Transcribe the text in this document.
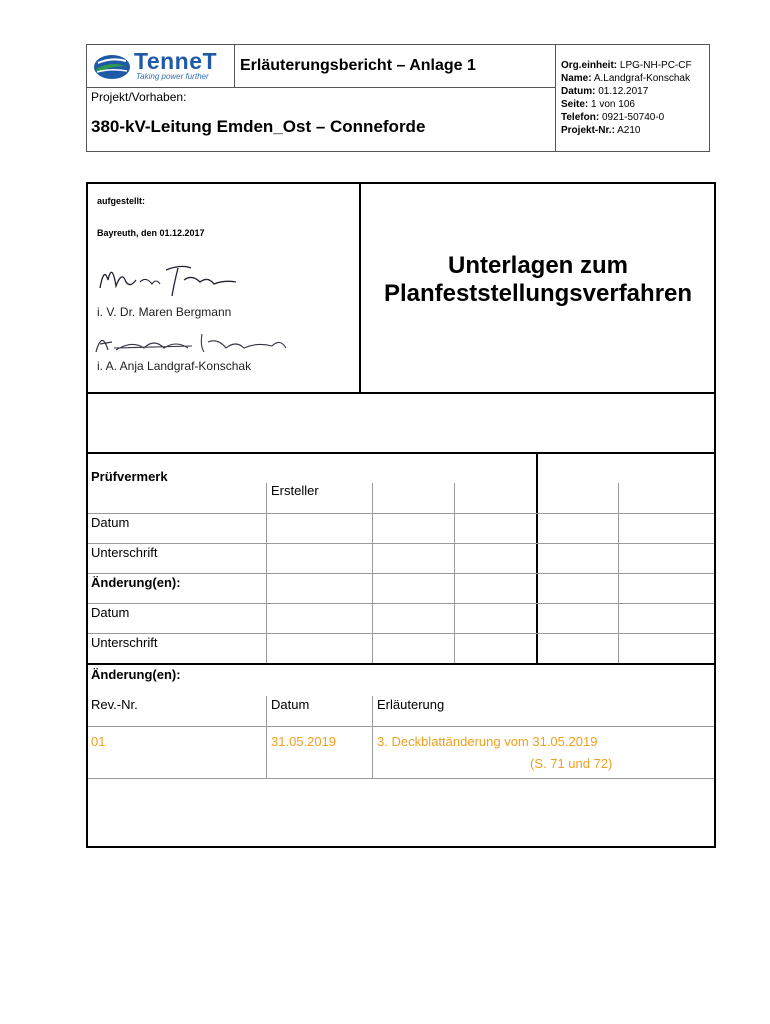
TenneT
Taking power further
Erläuterungsbericht – Anlage 1
Projekt/Vorhaben:
380-kV-Leitung Emden_Ost – Conneforde
Org.einheit: LPG-NH-PC-CF
Name: A.Landgraf-Konschak
Datum: 01.12.2017
Seite: 1 von 106
Telefon: 0921-50740-0
Projekt-Nr.: A210
aufgestellt:
Bayreuth, den 01.12.2017
i. V. Dr. Maren Bergmann
i. A. Anja Landgraf-Konschak
Unterlagen zum
Planfeststellungsverfahren
Prüfvermerk
Ersteller
Datum
Unterschrift
Änderung(en):
Datum
Unterschrift
Änderung(en):
Rev.-Nr.	Datum	Erläuterung
01	31.05.2019	3. Deckblattänderung vom 31.05.2019
(S. 71 und 72)
